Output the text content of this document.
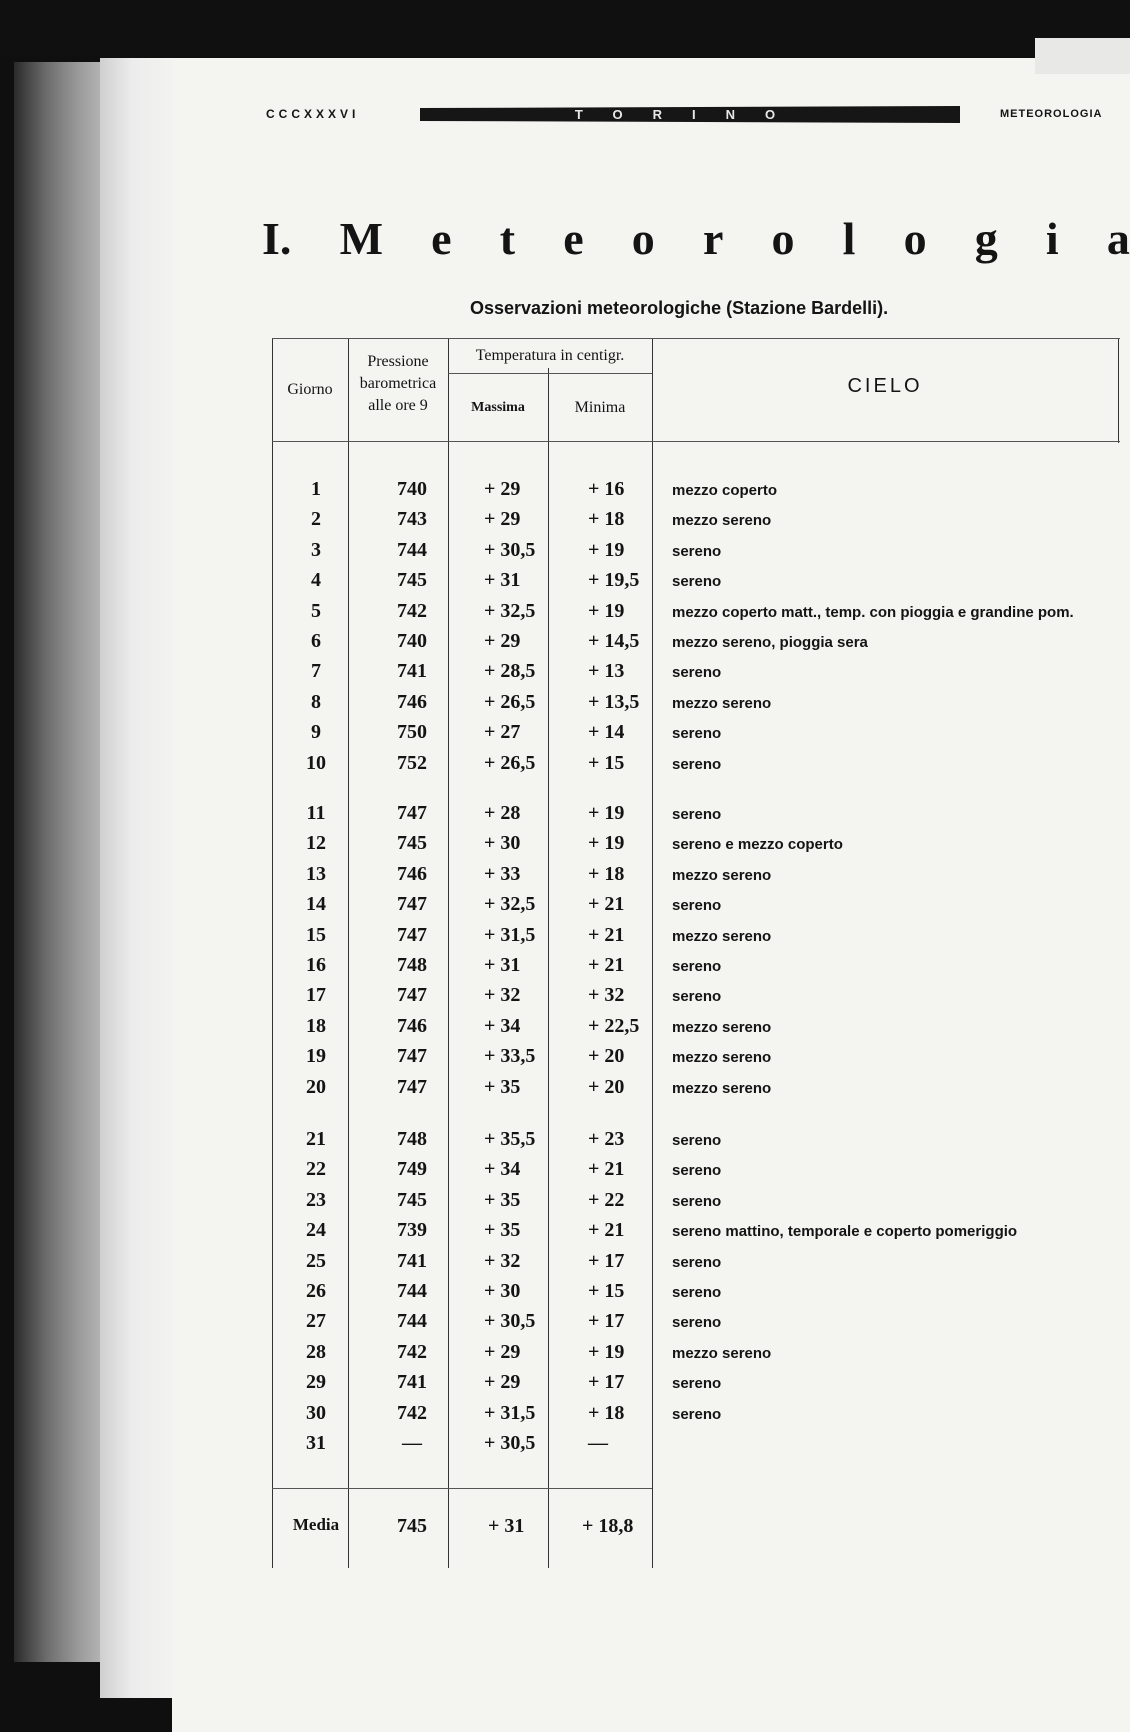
CCCXXXVI	TORINO	METEOROLOGIA
I. M e t e o r o l o g i a
Osservazioni meteorologiche (Stazione Bardelli).
Giorno
Pressione
barometrica
alle ore 9
Temperatura in centigr.
Massima	Minima
CIELO
1	740	+ 29	+ 16	mezzo coperto
2	743	+ 29	+ 18	mezzo sereno
3	744	+ 30,5	+ 19	sereno
4	745	+ 31	+ 19,5	sereno
5	742	+ 32,5	+ 19	mezzo coperto matt., temp. con pioggia e grandine pom.
6	740	+ 29	+ 14,5	mezzo sereno, pioggia sera
7	741	+ 28,5	+ 13	sereno
8	746	+ 26,5	+ 13,5	mezzo sereno
9	750	+ 27	+ 14	sereno
10	752	+ 26,5	+ 15	sereno
11	747	+ 28	+ 19	sereno
12	745	+ 30	+ 19	sereno e mezzo coperto
13	746	+ 33	+ 18	mezzo sereno
14	747	+ 32,5	+ 21	sereno
15	747	+ 31,5	+ 21	mezzo sereno
16	748	+ 31	+ 21	sereno
17	747	+ 32	+ 32	sereno
18	746	+ 34	+ 22,5	mezzo sereno
19	747	+ 33,5	+ 20	mezzo sereno
20	747	+ 35	+ 20	mezzo sereno
21	748	+ 35,5	+ 23	sereno
22	749	+ 34	+ 21	sereno
23	745	+ 35	+ 22	sereno
24	739	+ 35	+ 21	sereno mattino, temporale e coperto pomeriggio
25	741	+ 32	+ 17	sereno
26	744	+ 30	+ 15	sereno
27	744	+ 30,5	+ 17	sereno
28	742	+ 29	+ 19	mezzo sereno
29	741	+ 29	+ 17	sereno
30	742	+ 31,5	+ 18	sereno
31	—	+ 30,5	—
Media	745	+ 31	+ 18,8
